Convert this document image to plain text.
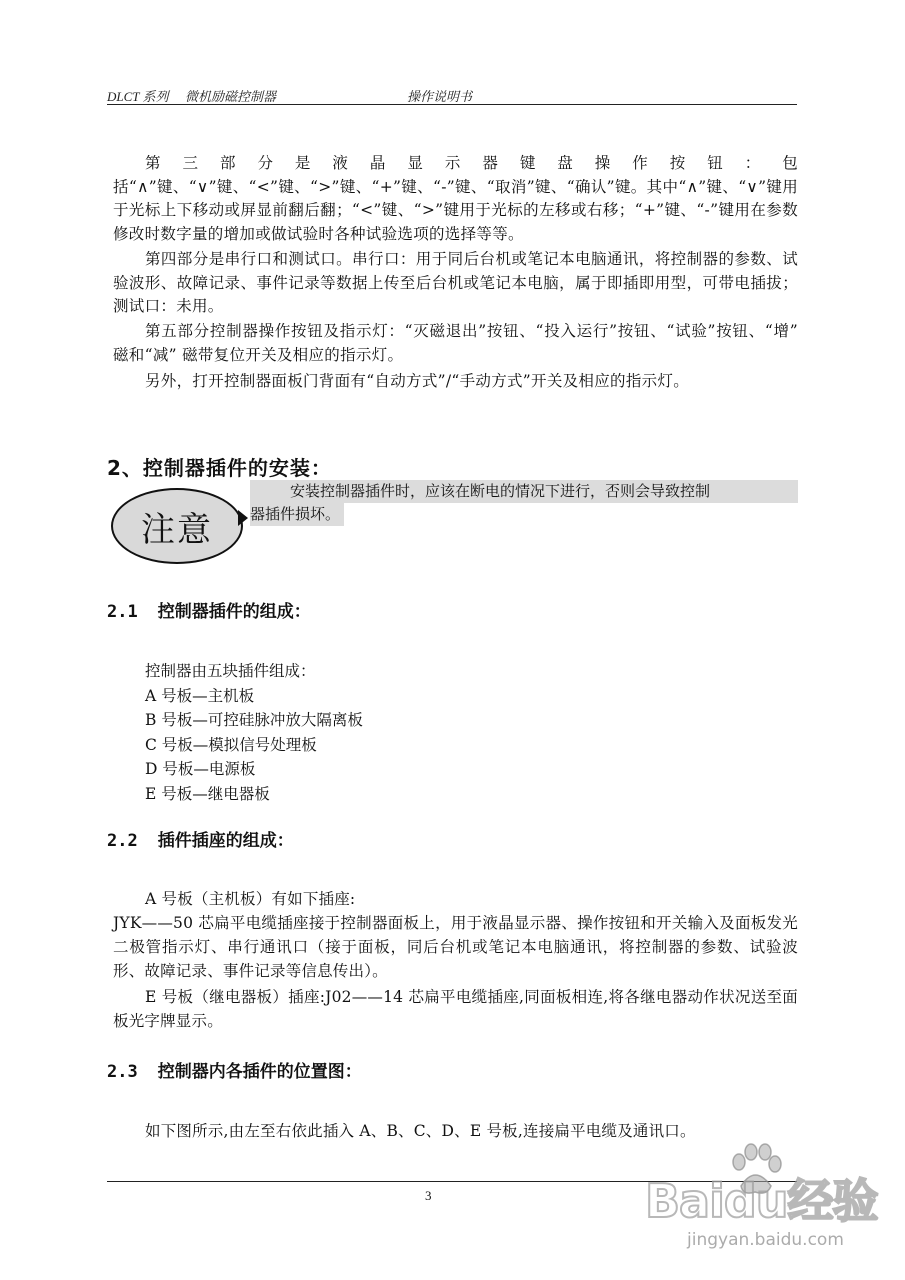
DLCT 系列 微机励磁控制器	操作说明书

第三部分是液晶显示器键盘操作按钮：包括“∧”键、“∨”键、“<”键、“>”键、“+”键、“-”键、“取消”键、“确认”键。其中“∧”键、“∨”键用于光标上下移动或屏显前翻后翻；“<”键、“>”键用于光标的左移或右移；“+”键、“-”键用在参数修改时数字量的增加或做试验时各种试验选项的选择等等。

第四部分是串行口和测试口。串行口：用于同后台机或笔记本电脑通讯，将控制器的参数、试验波形、故障记录、事件记录等数据上传至后台机或笔记本电脑，属于即插即用型，可带电插拔；测试口：未用。

第五部分控制器操作按钮及指示灯：“灭磁退出”按钮、“投入运行”按钮、“试验”按钮、“增” 磁和“减” 磁带复位开关及相应的指示灯。

另外，打开控制器面板门背面有“自动方式”/“手动方式”开关及相应的指示灯。

2、控制器插件的安装：
注意

安装控制器插件时，应该在断电的情况下进行，否则会导致控制
器插件损坏。

2.1 控制器插件的组成：
控制器由五块插件组成：
A 号板—主机板
B 号板—可控硅脉冲放大隔离板
C 号板—模拟信号处理板
D 号板—电源板
E 号板—继电器板
2.2 插件插座的组成：
A 号板（主机板）有如下插座:
JYK——50 芯扁平电缆插座接于控制器面板上，用于液晶显示器、操作按钮和开关输入及面板发光二极管指示灯、串行通讯口（接于面板，同后台机或笔记本电脑通讯，将控制器的参数、试验波形、故障记录、事件记录等信息传出）。

E 号板（继电器板）插座:J02——14 芯扁平电缆插座,同面板相连,将各继电器动作状况送至面板光字牌显示。

2.3 控制器内各插件的位置图：

如下图所示,由左至右依此插入 A、B、C、D、E 号板,连接扁平电缆及通讯口。

3	Baidu经验
jingyan.baidu.com
